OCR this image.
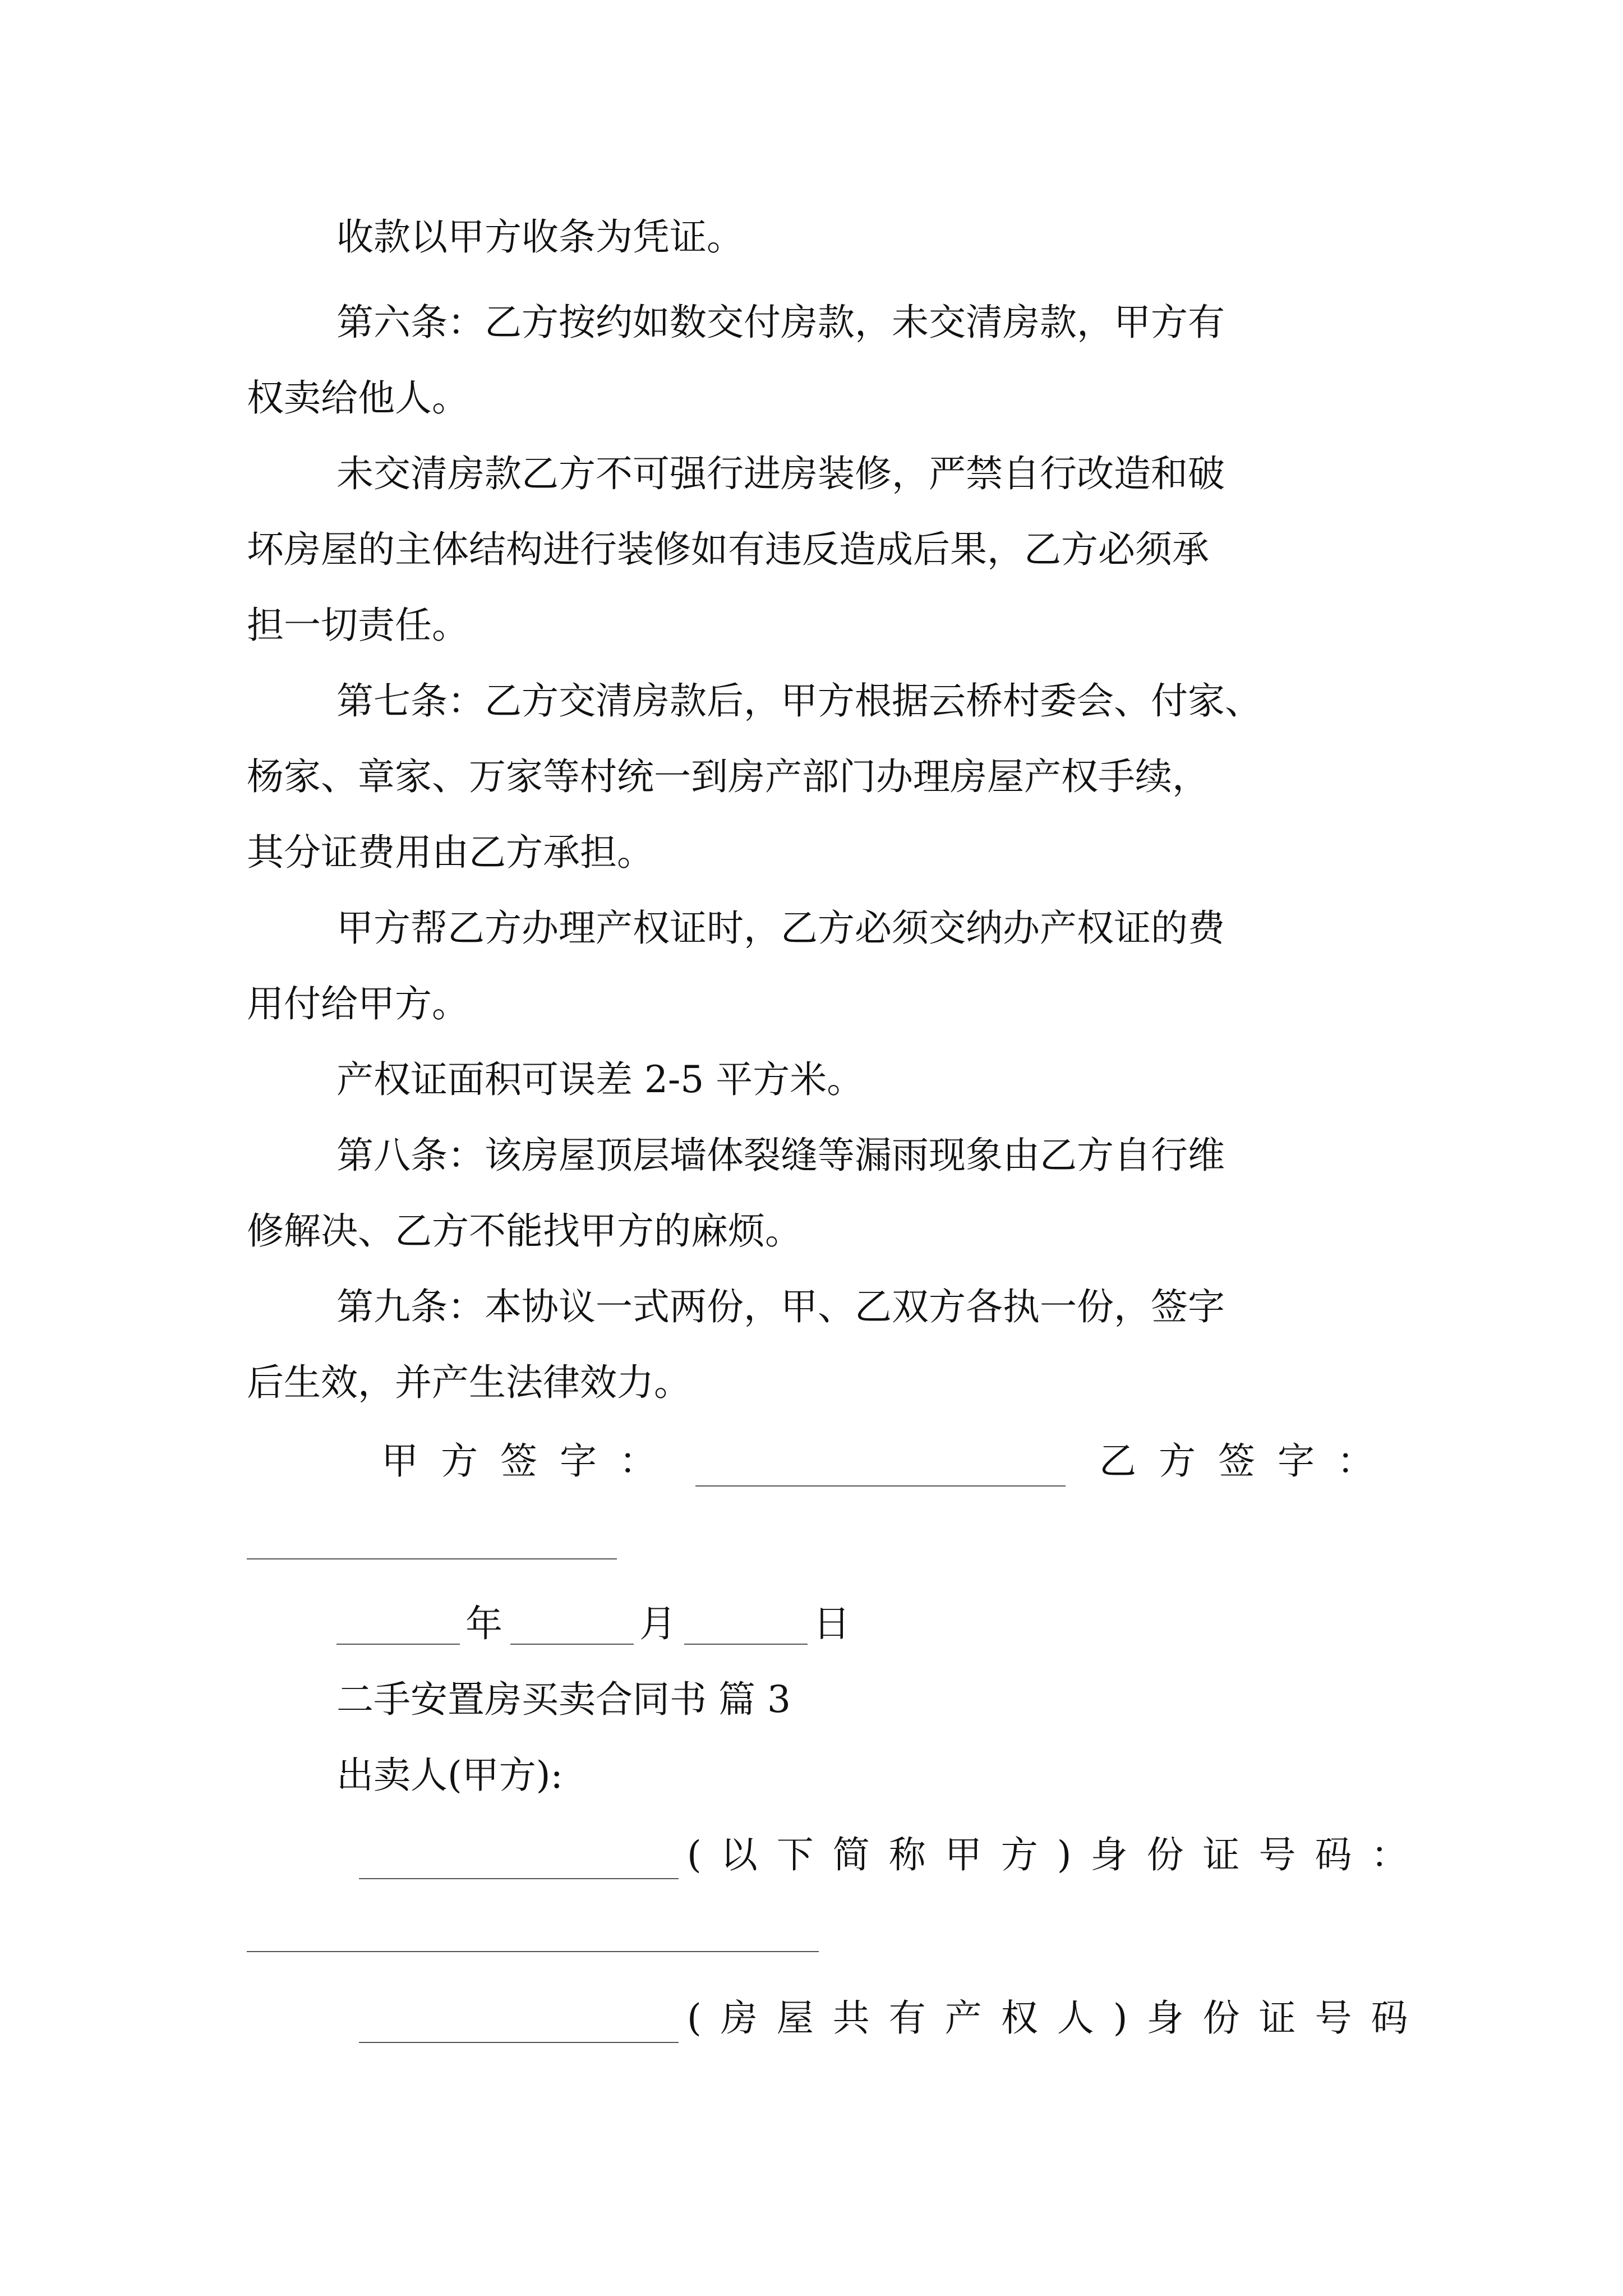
收款以甲方收条为凭证。
第六条：乙方按约如数交付房款，未交清房款，甲方有
权卖给他人。
未交清房款乙方不可强行进房装修，严禁自行改造和破
坏房屋的主体结构进行装修如有违反造成后果，乙方必须承
担一切责任。
第七条：乙方交清房款后，甲方根据云桥村委会、付家、
杨家、章家、万家等村统一到房产部门办理房屋产权手续，
其分证费用由乙方承担。
甲方帮乙方办理产权证时，乙方必须交纳办产权证的费
用付给甲方。
产权证面积可误差 2-5 平方米。
第八条：该房屋顶层墙体裂缝等漏雨现象由乙方自行维
修解决、乙方不能找甲方的麻烦。
第九条：本协议一式两份，甲、乙双方各执一份，签字
后生效，并产生法律效力。
甲方签字：	乙方签字：
年	月	日
二手安置房买卖合同书 篇 3
出卖人(甲方):
(以下简称甲方)身份证号码：
(房屋共有产权人)身份证号码
